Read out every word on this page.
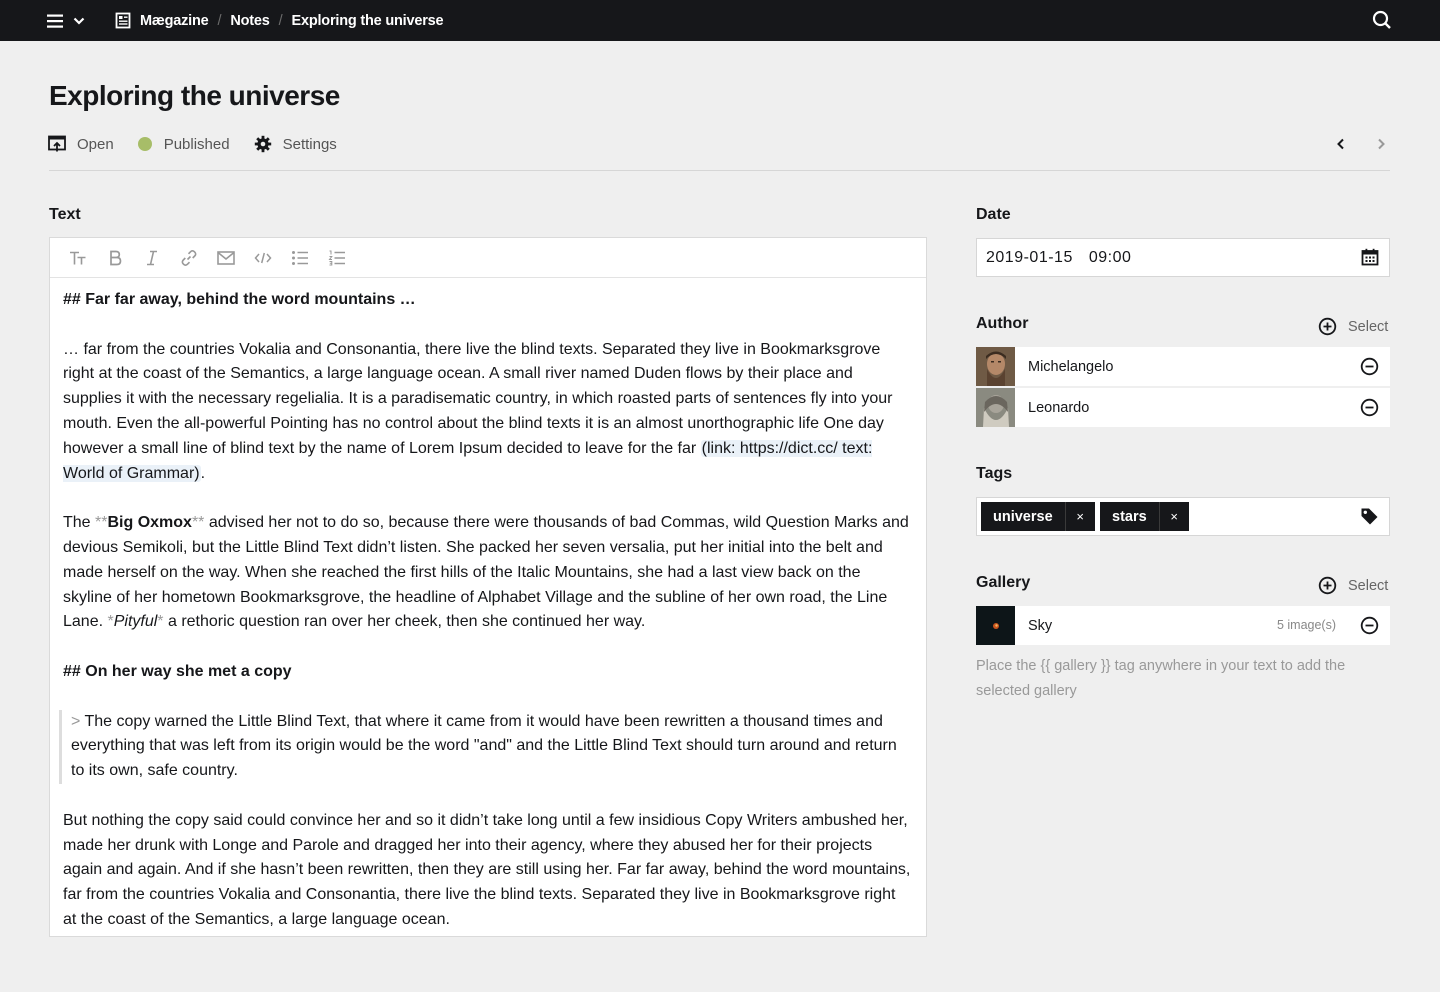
Mægazine / Notes / Exploring the universe
Exploring the universe
Open	Published	Settings
Text

## Far far away, behind the word mountains …

… far from the countries Vokalia and Consonantia, there live the blind texts. Separated they live in Bookmarksgrove right at the coast of the Semantics, a large language ocean. A small river named Duden flows by their place and supplies it with the necessary regelialia. It is a paradisematic country, in which roasted parts of sentences fly into your mouth. Even the all-powerful Pointing has no control about the blind texts it is an almost unorthographic life One day however a small line of blind text by the name of Lorem Ipsum decided to leave for the far (link: https://dict.cc/ text: World of Grammar).

The **Big Oxmox** advised her not to do so, because there were thousands of bad Commas, wild Question Marks and devious Semikoli, but the Little Blind Text didn’t listen. She packed her seven versalia, put her initial into the belt and made herself on the way. When she reached the first hills of the Italic Mountains, she had a last view back on the skyline of her hometown Bookmarksgrove, the headline of Alphabet Village and the subline of her own road, the Line Lane. *Pityful* a rethoric question ran over her cheek, then she continued her way.

## On her way she met a copy

> The copy warned the Little Blind Text, that where it came from it would have been rewritten a thousand times and everything that was left from its origin would be the word "and" and the Little Blind Text should turn around and return to its own, safe country.

But nothing the copy said could convince her and so it didn’t take long until a few insidious Copy Writers ambushed her, made her drunk with Longe and Parole and dragged her into their agency, where they abused her for their projects again and again. And if she hasn’t been rewritten, then they are still using her. Far far away, behind the word mountains, far from the countries Vokalia and Consonantia, there live the blind texts. Separated they live in Bookmarksgrove right at the coast of the Semantics, a large language ocean.

Date
2019-01-15 09:00
Author	Select
Michelangelo
Leonardo
Tags
universe	×	stars	×
Gallery	Select
Sky	5 image(s)

Place the {{ gallery }} tag anywhere in your text to add the selected gallery
